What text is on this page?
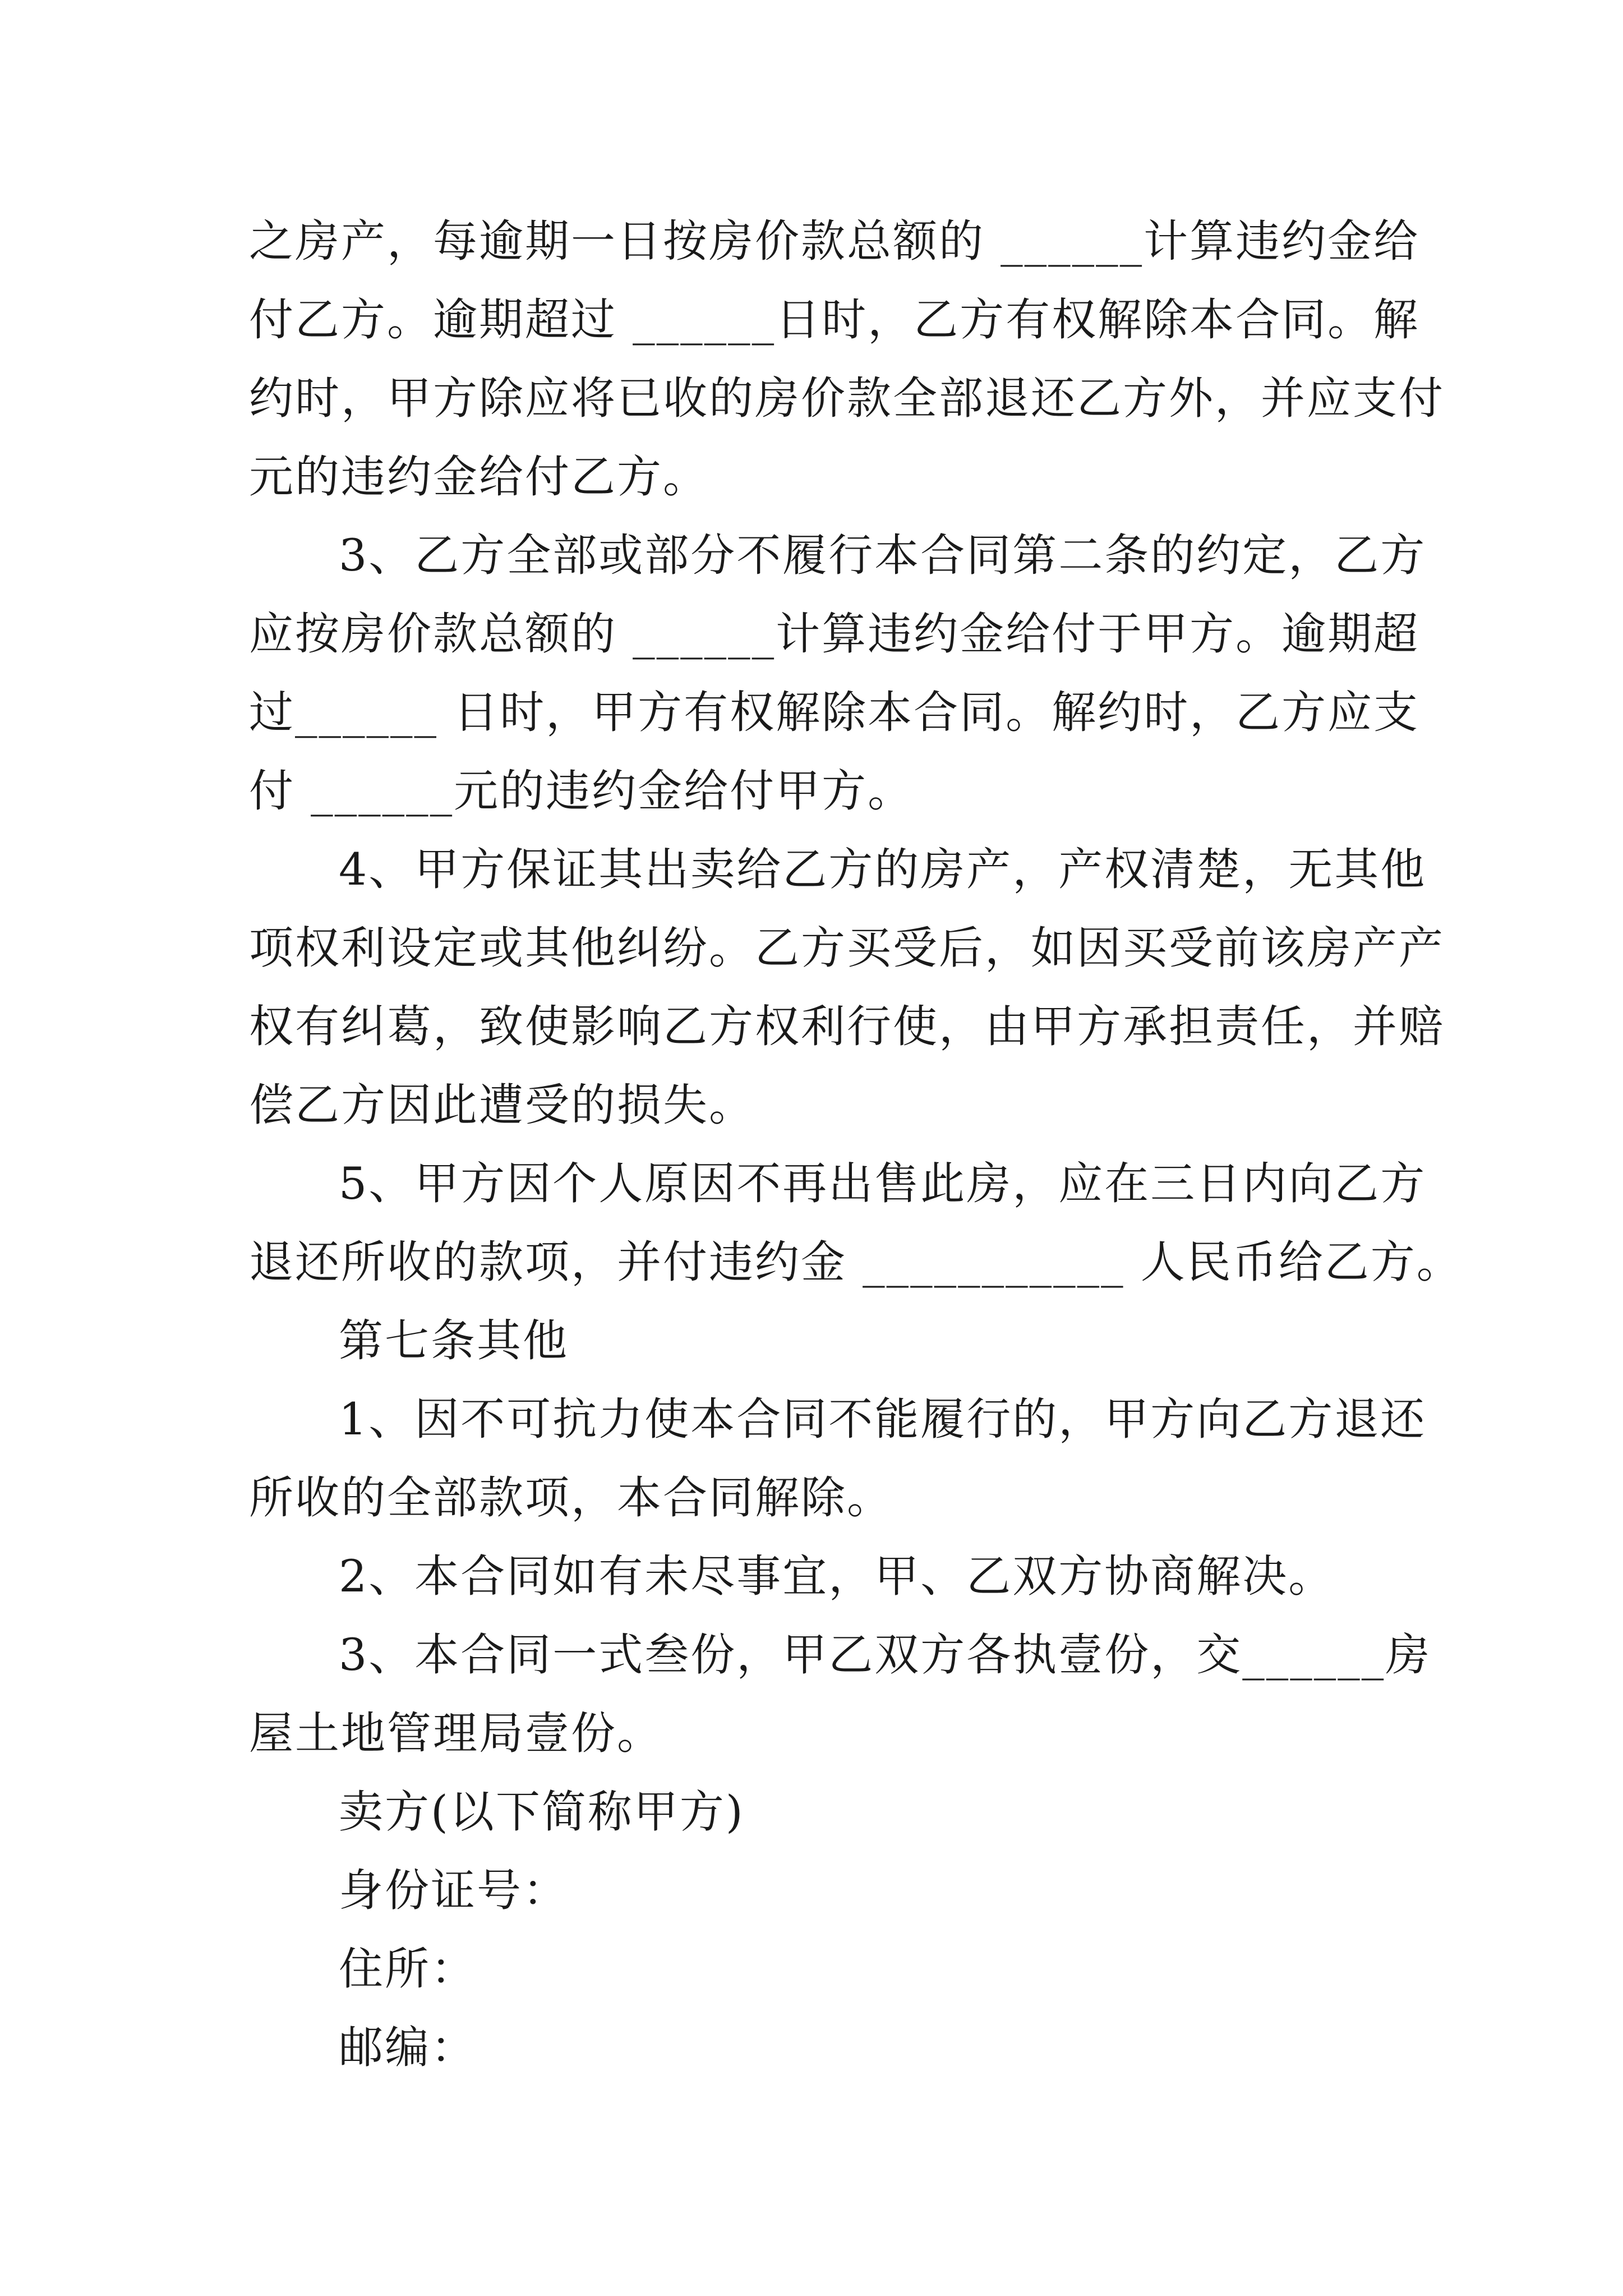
之房产，每逾期一日按房价款总额的 ______计算违约金给
付乙方。逾期超过 ______日时，乙方有权解除本合同。解
约时，甲方除应将已收的房价款全部退还乙方外，并应支付
元的违约金给付乙方。
3、乙方全部或部分不履行本合同第二条的约定，乙方
应按房价款总额的 ______计算违约金给付于甲方。逾期超
过______ 日时，甲方有权解除本合同。解约时，乙方应支
付 ______元的违约金给付甲方。
4、甲方保证其出卖给乙方的房产，产权清楚，无其他
项权利设定或其他纠纷。乙方买受后，如因买受前该房产产
权有纠葛，致使影响乙方权利行使，由甲方承担责任，并赔
偿乙方因此遭受的损失。
5、甲方因个人原因不再出售此房，应在三日内向乙方
退还所收的款项，并付违约金 ___________ 人民币给乙方。
第七条其他
1、因不可抗力使本合同不能履行的，甲方向乙方退还
所收的全部款项，本合同解除。
2、本合同如有未尽事宜，甲、乙双方协商解决。
3、本合同一式叁份，甲乙双方各执壹份，交______房
屋土地管理局壹份。
卖方(以下简称甲方)
身份证号：
住所：
邮编：
